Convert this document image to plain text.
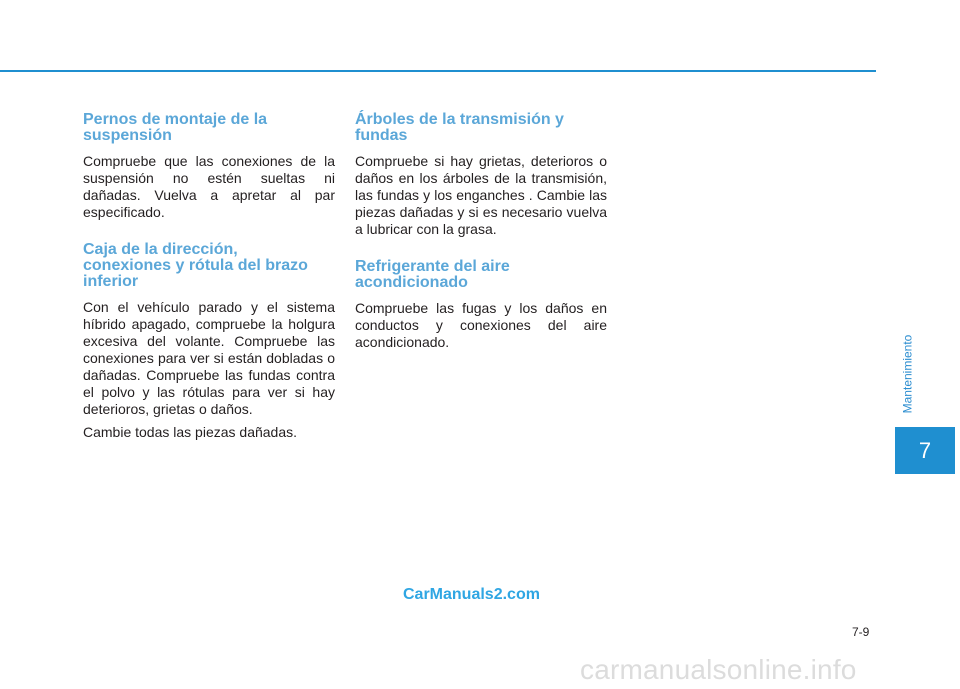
Pernos de montaje de la
suspensión

Compruebe que las conexiones de la suspensión no estén sueltas ni dañadas. Vuelva a apretar al par especificado.

Caja de la dirección,
conexiones y rótula del brazo
inferior

Con el vehículo parado y el sistema híbrido apagado, compruebe la holgura excesiva del volante. Compruebe las conexiones para ver si están dobladas o dañadas. Compruebe las fundas contra el polvo y las rótulas para ver si hay deterioros, grietas o daños.

Cambie todas las piezas dañadas.

Árboles de la transmisión y
fundas

Compruebe si hay grietas, deterioros o daños en los árboles de la transmisión, las fundas y los enganches . Cambie las piezas dañadas y si es necesario vuelva a lubricar con la grasa.

Refrigerante del aire
acondicionado

Compruebe las fugas y los daños en conductos y conexiones del aire acondicionado.	Mantenimiento
7
7-9
CarManuals2.com
carmanualsonline.info
